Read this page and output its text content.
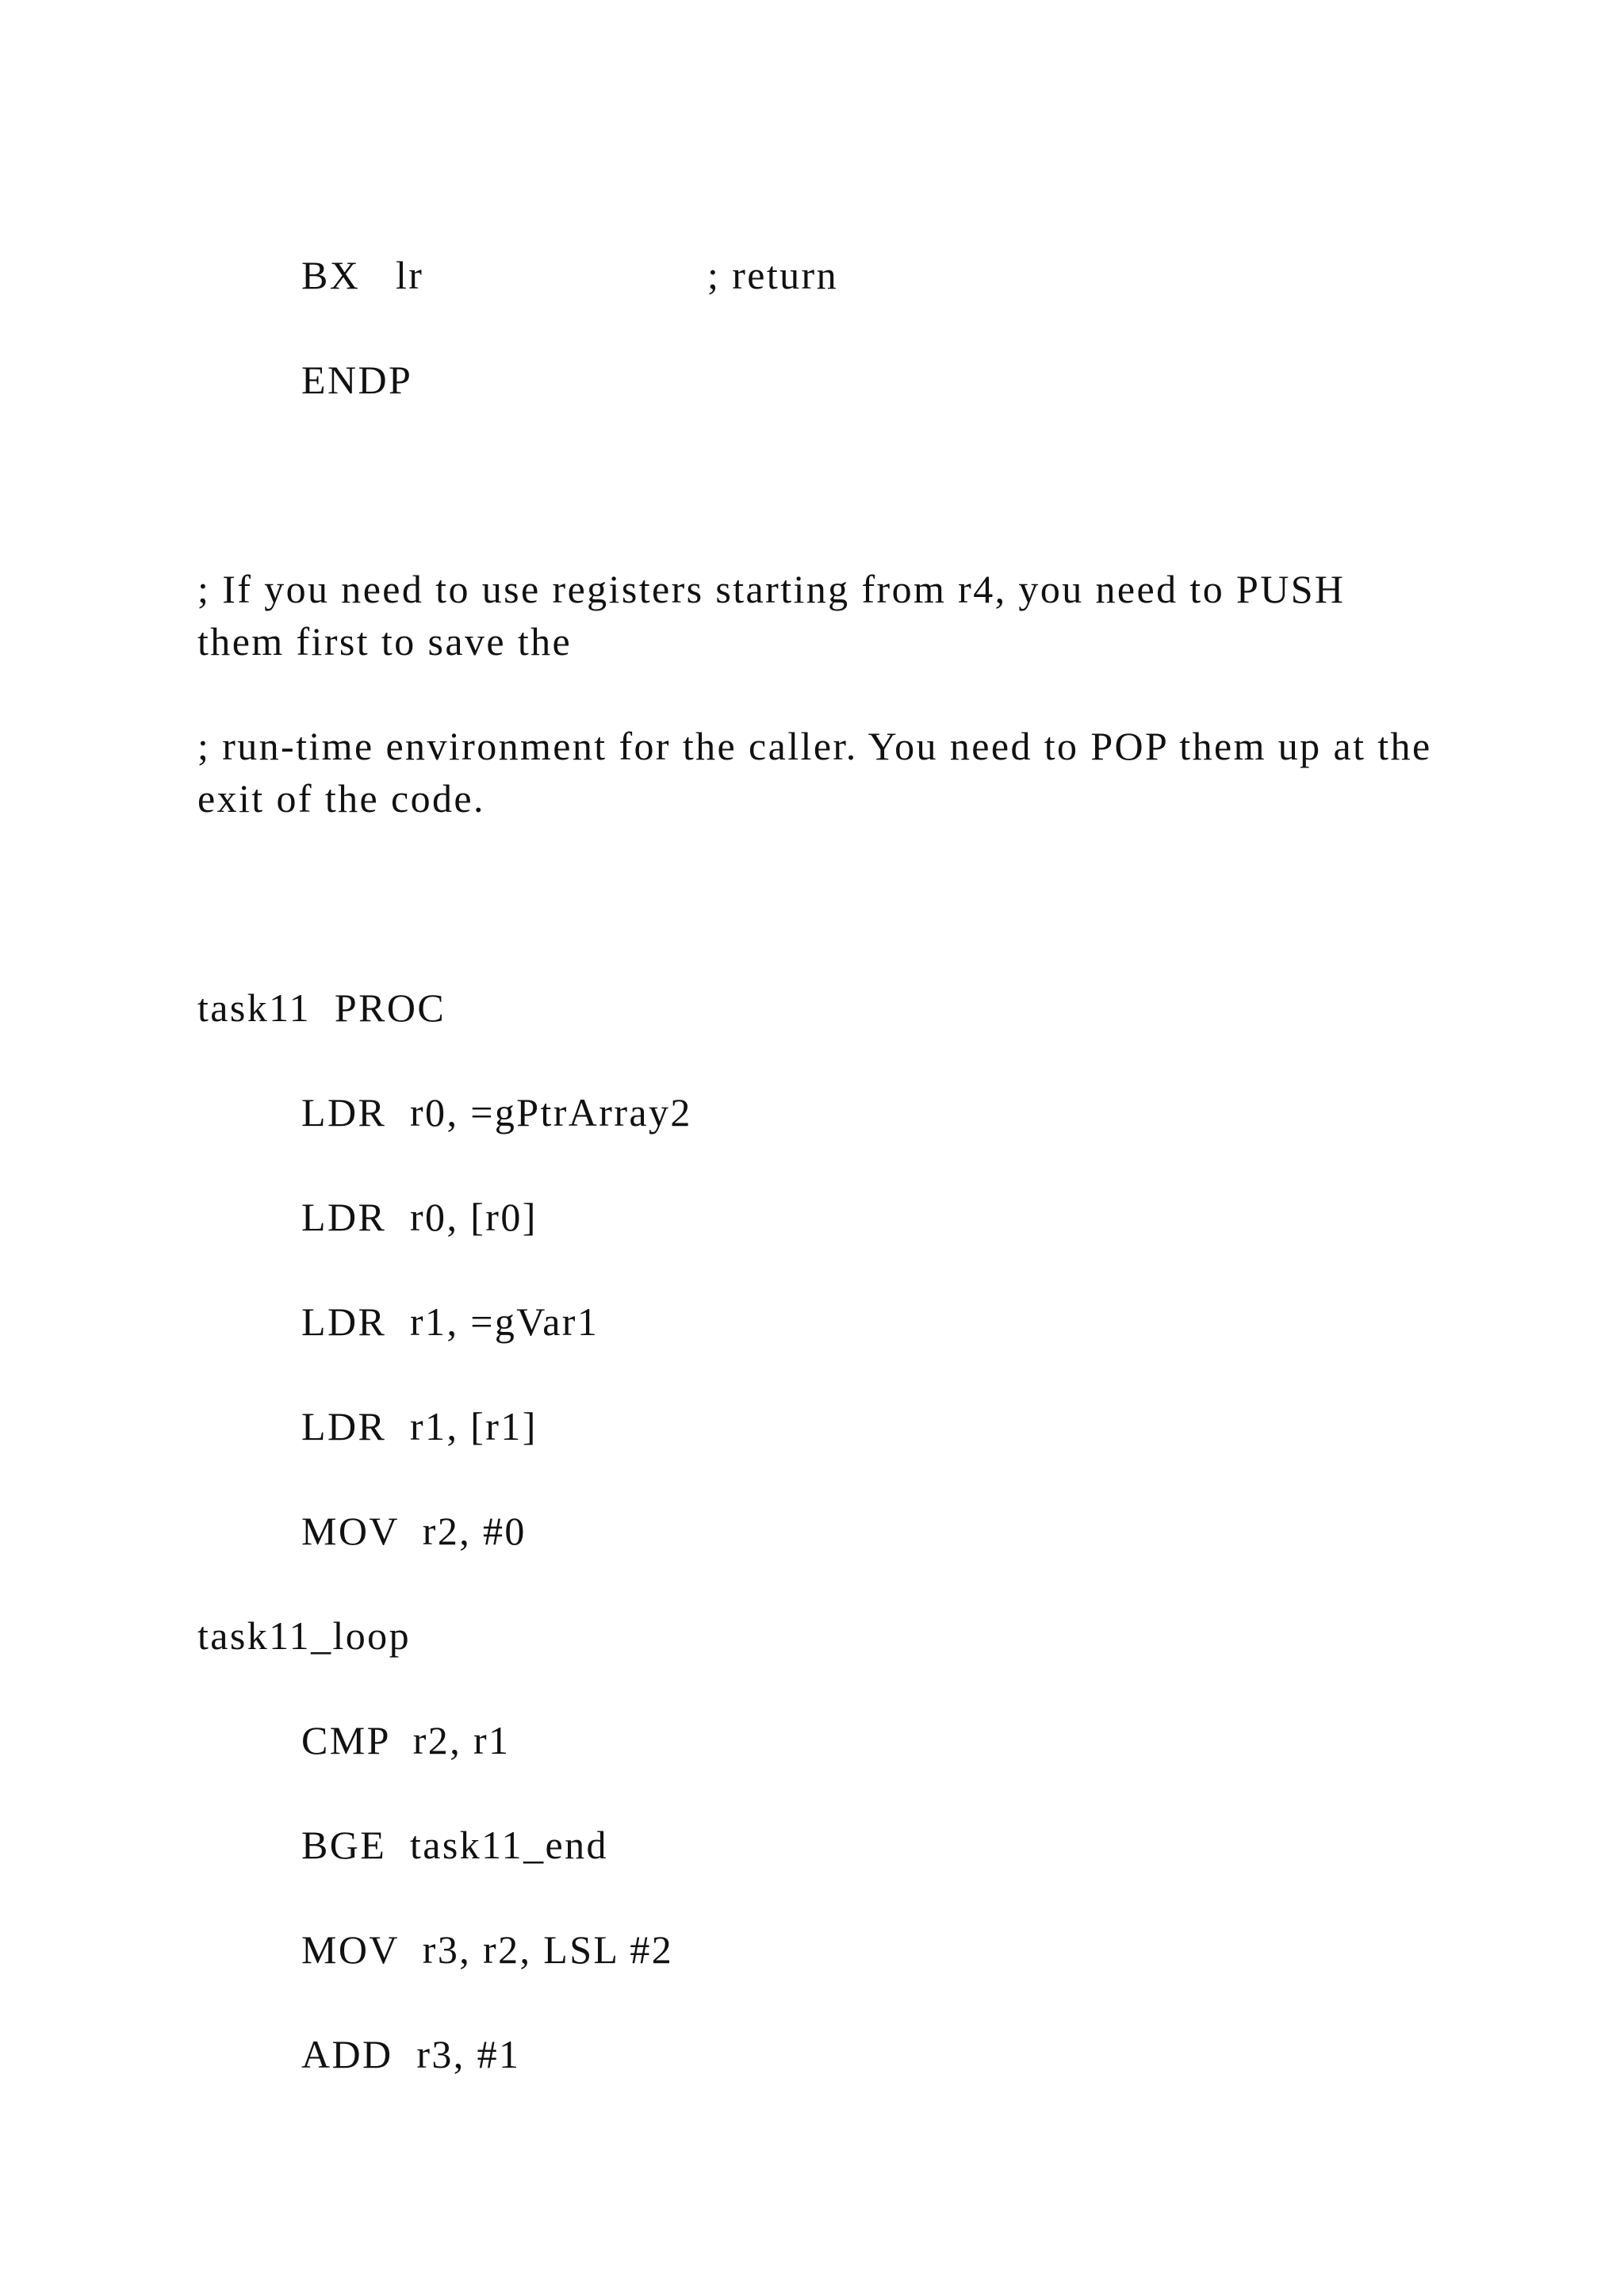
BX   lr	; return
ENDP
; If you need to use registers starting from r4, you need to PUSH them first to save the
; run-time environment for the caller. You need to POP them up at the exit of the code.
task11  PROC
LDR  r0, =gPtrArray2
LDR  r0, [r0]
LDR  r1, =gVar1
LDR  r1, [r1]
MOV  r2, #0
task11_loop
CMP  r2, r1
BGE  task11_end
MOV  r3, r2, LSL #2
ADD  r3, #1
